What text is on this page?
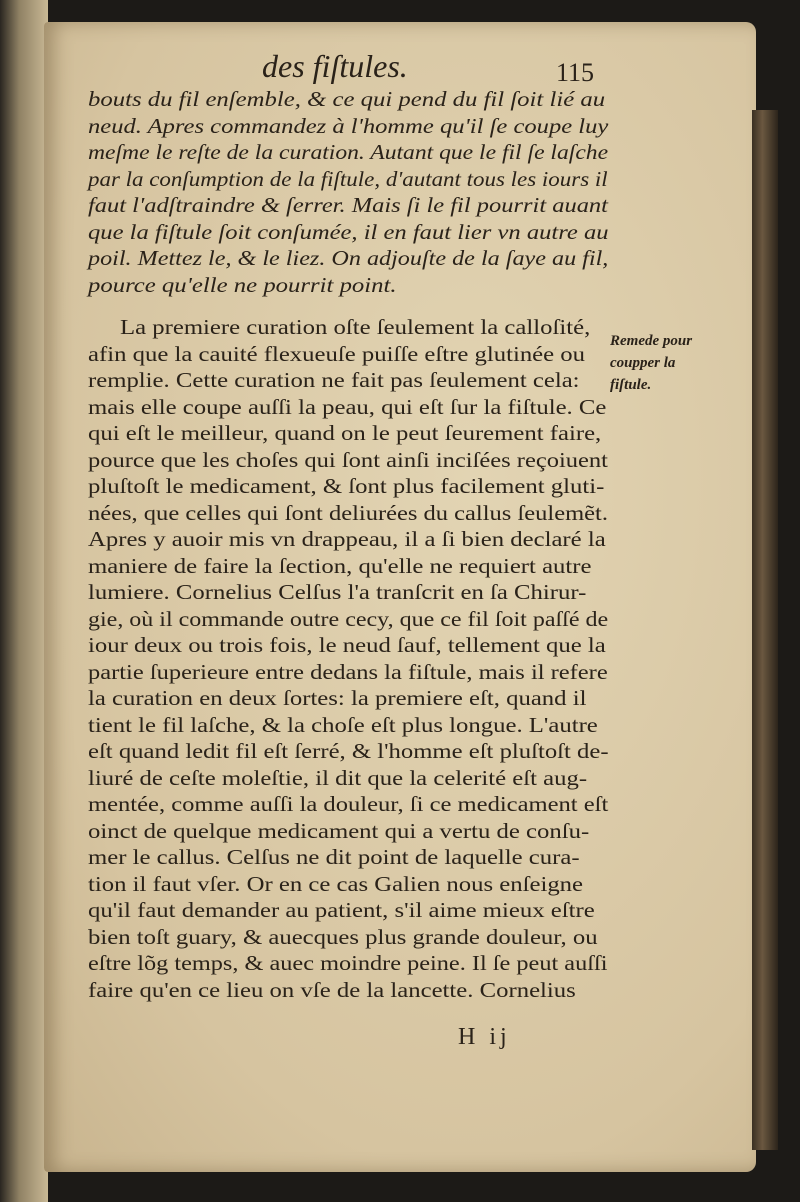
des fiſtules.	115
bouts du fil enſemble, & ce qui pend du fil ſoit lié au
neud. Apres commandez à l'homme qu'il ſe coupe luy
meſme le reſte de la curation. Autant que le fil ſe laſche
par la conſumption de la fiſtule, d'autant tous les iours il
faut l'adſtraindre & ſerrer. Mais ſi le fil pourrit auant
que la fiſtule ſoit conſumée, il en faut lier vn autre au
poil. Mettez le, & le liez. On adjouſte de la ſaye au fil,
pource qu'elle ne pourrit point.
La premiere curation oſte ſeulement la calloſité,
afin que la cauité flexueuſe puiſſe eſtre glutinée ou
remplie. Cette curation ne fait pas ſeulement cela:
mais elle coupe auſſi la peau, qui eſt ſur la fiſtule. Ce
qui eſt le meilleur, quand on le peut ſeurement faire,
pource que les choſes qui ſont ainſi inciſées reçoiuent
pluſtoſt le medicament, & ſont plus facilement gluti-
nées, que celles qui ſont deliurées du callus ſeulemẽt.
Apres y auoir mis vn drappeau, il a ſi bien declaré la
maniere de faire la ſection, qu'elle ne requiert autre
lumiere. Cornelius Celſus l'a tranſcrit en ſa Chirur-
gie, où il commande outre cecy, que ce fil ſoit paſſé de
iour deux ou trois fois, le neud ſauf, tellement que la
partie ſuperieure entre dedans la fiſtule, mais il refere
la curation en deux ſortes: la premiere eſt, quand il
tient le fil laſche, & la choſe eſt plus longue. L'autre
eſt quand ledit fil eſt ſerré, & l'homme eſt pluſtoſt de-
liuré de ceſte moleſtie, il dit que la celerité eſt aug-
mentée, comme auſſi la douleur, ſi ce medicament eſt
oinct de quelque medicament qui a vertu de conſu-
mer le callus. Celſus ne dit point de laquelle cura-
tion il faut vſer. Or en ce cas Galien nous enſeigne
qu'il faut demander au patient, s'il aime mieux eſtre
bien toſt guary, & auecques plus grande douleur, ou
eſtre lõg temps, & auec moindre peine. Il ſe peut auſſi
faire qu'en ce lieu on vſe de la lancette. Cornelius
Remede pour
coupper la
fiſtule.
H ij
